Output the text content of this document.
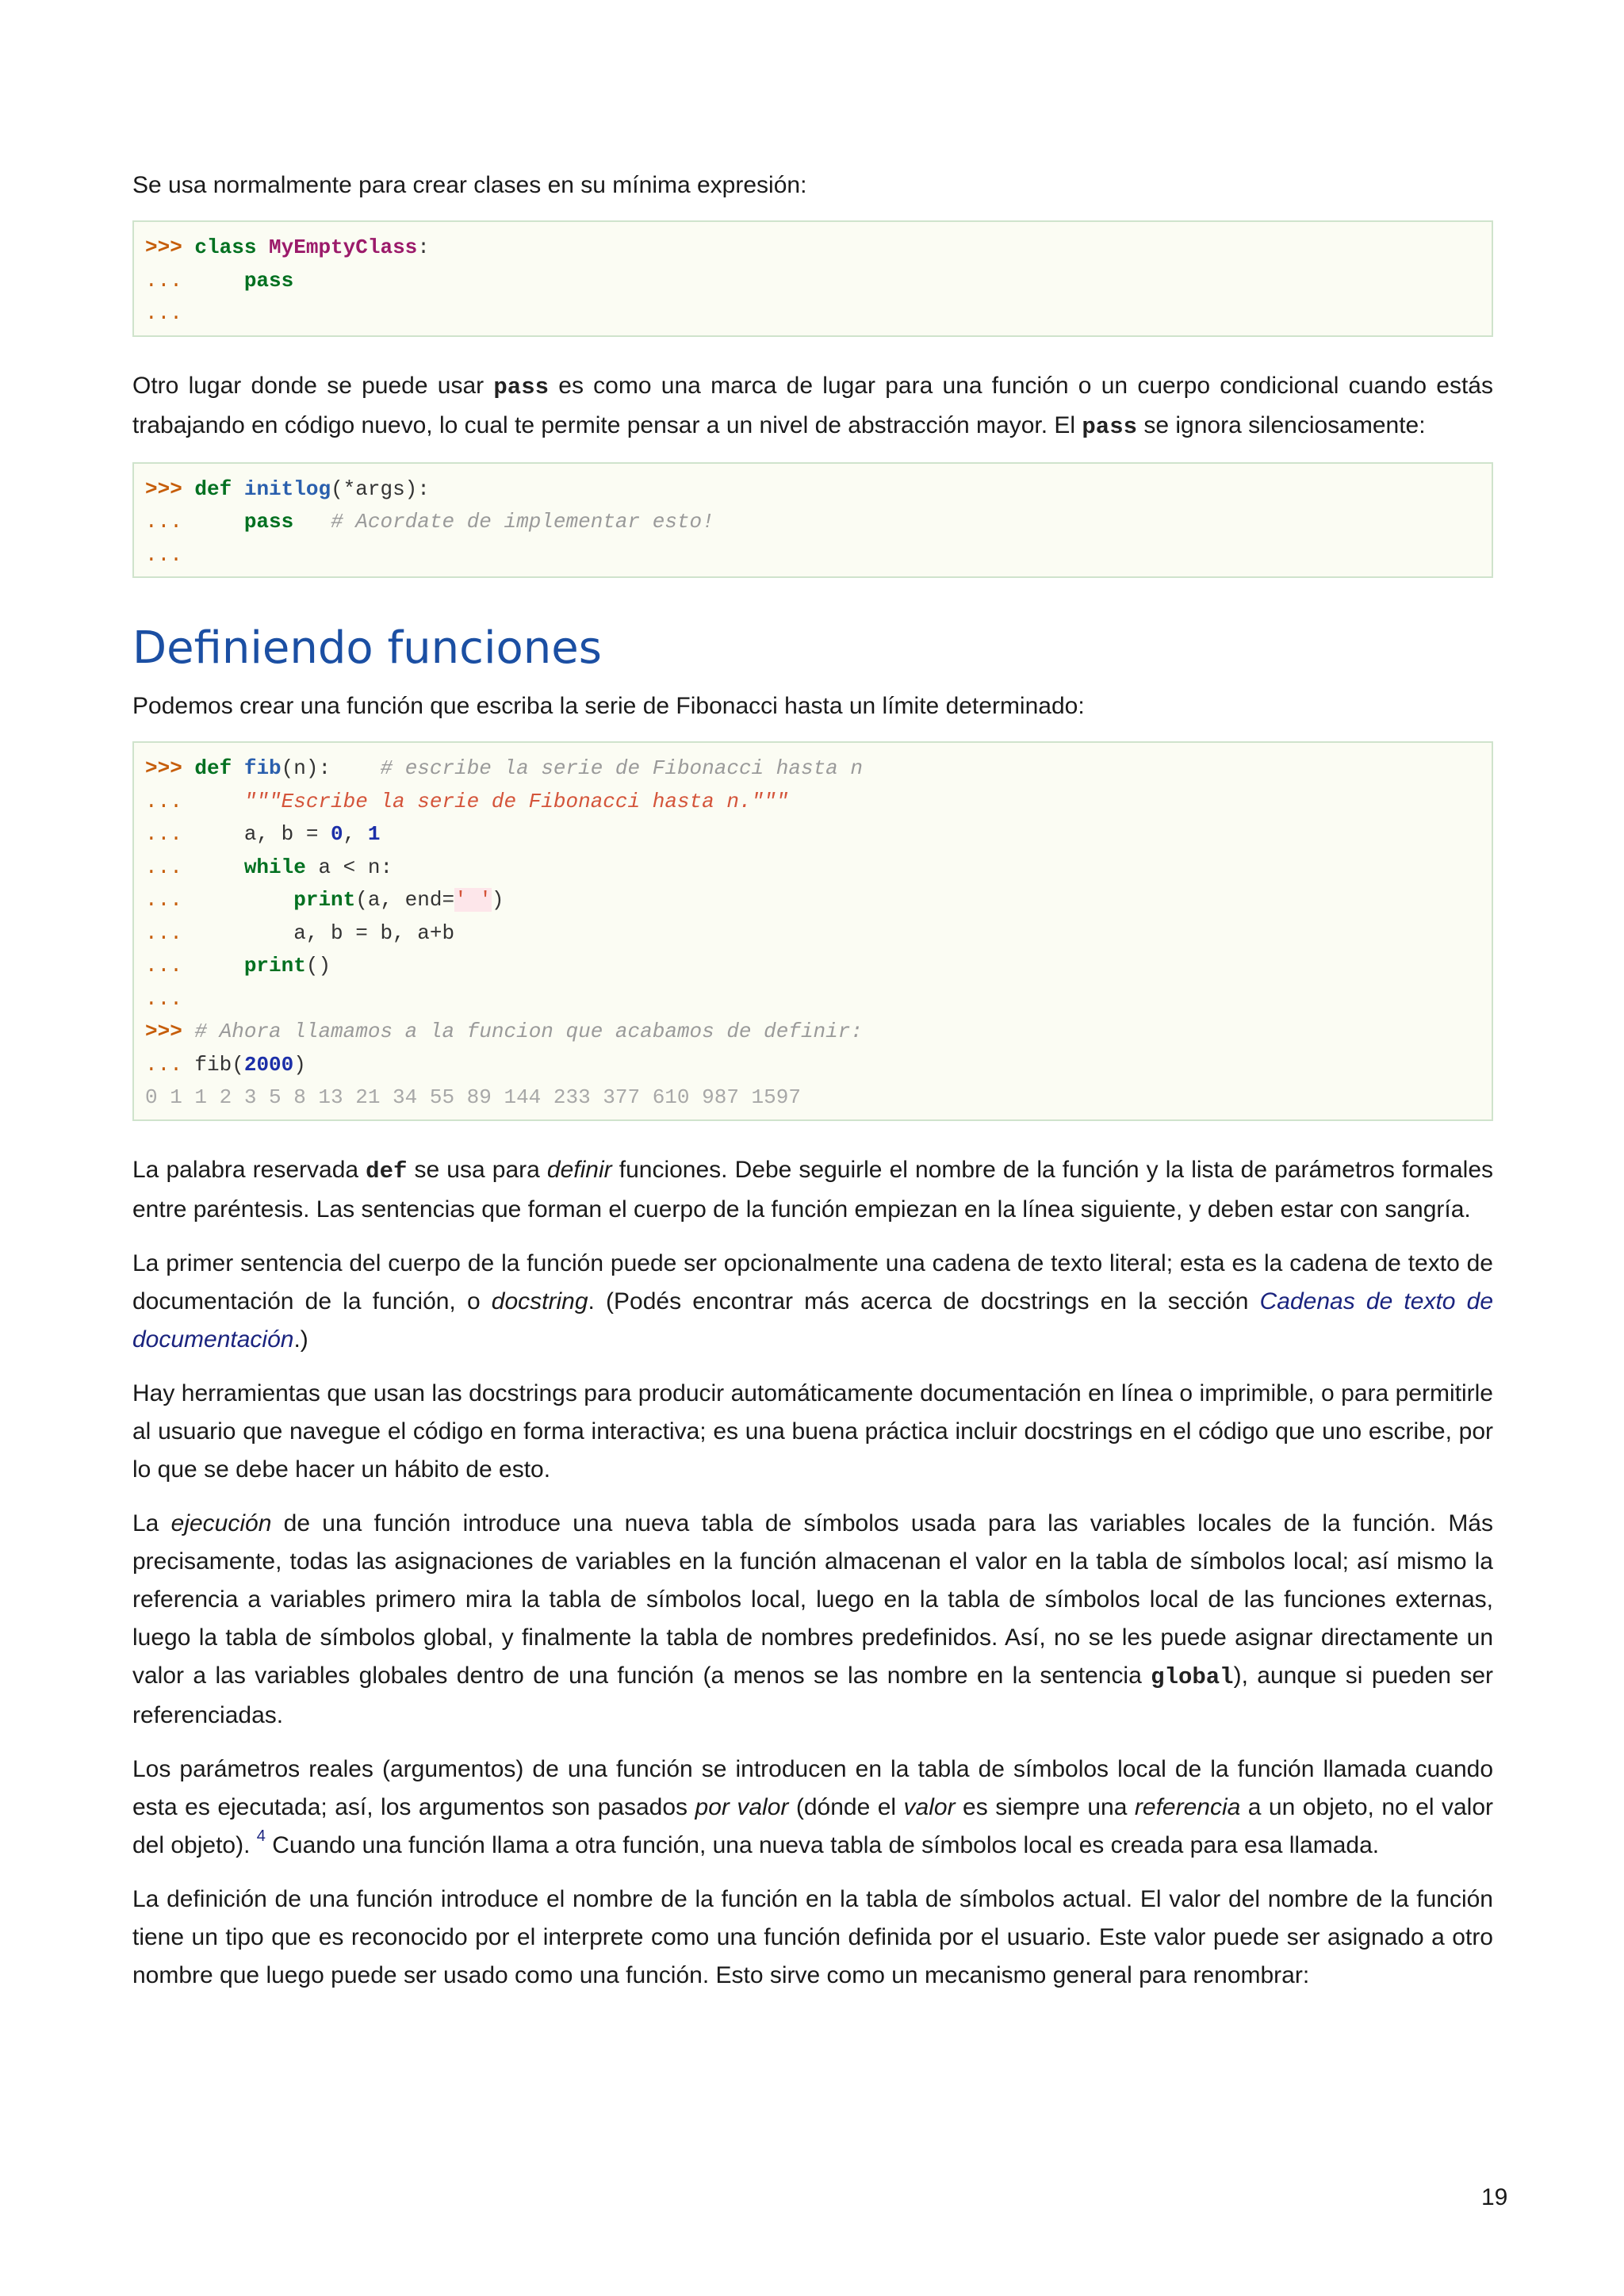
Se usa normalmente para crear clases en su mínima expresión:

>>> class MyEmptyClass:
...     pass
...

Otro lugar donde se puede usar pass es como una marca de lugar para una función o un cuerpo condicional cuando estás trabajando en código nuevo, lo cual te permite pensar a un nivel de abstracción mayor. El pass se ignora silenciosamente:

>>> def initlog(*args):
...     pass # Acordate de implementar esto!
...
Definiendo funciones

Podemos crear una función que escriba la serie de Fibonacci hasta un límite determinado:

>>> def fib(n):    # escribe la serie de Fibonacci hasta n
...     """Escribe la serie de Fibonacci hasta n."""
...     a, b = 0, 1
...     while a < n:
...         print(a, end=' ')
...         a, b = b, a+b
...     print()
...
>>> # Ahora llamamos a la funcion que acabamos de definir:
... fib(2000)
0 1 1 2 3 5 8 13 21 34 55 89 144 233 377 610 987 1597

La palabra reservada def se usa para definir funciones. Debe seguirle el nombre de la función y la lista de parámetros formales entre paréntesis. Las sentencias que forman el cuerpo de la función empiezan en la línea siguiente, y deben estar con sangría.

La primer sentencia del cuerpo de la función puede ser opcionalmente una cadena de texto literal; esta es la cadena de texto de documentación de la función, o docstring. (Podés encontrar más acerca de docstrings en la sección Cadenas de texto de documentación.)

Hay herramientas que usan las docstrings para producir automáticamente documentación en línea o imprimible, o para permitirle al usuario que navegue el código en forma interactiva; es una buena práctica incluir docstrings en el código que uno escribe, por lo que se debe hacer un hábito de esto.

La ejecución de una función introduce una nueva tabla de símbolos usada para las variables locales de la función. Más precisamente, todas las asignaciones de variables en la función almacenan el valor en la tabla de símbolos local; así mismo la referencia a variables primero mira la tabla de símbolos local, luego en la tabla de símbolos local de las funciones externas, luego la tabla de símbolos global, y finalmente la tabla de nombres predefinidos. Así, no se les puede asignar directamente un valor a las variables globales dentro de una función (a menos se las nombre en la sentencia global), aunque si pueden ser referenciadas.

Los parámetros reales (argumentos) de una función se introducen en la tabla de símbolos local de la función llamada cuando esta es ejecutada; así, los argumentos son pasados por valor (dónde el valor es siempre una referencia a un objeto, no el valor del objeto). $^4$ Cuando una función llama a otra función, una nueva tabla de símbolos local es creada para esa llamada.

La definición de una función introduce el nombre de la función en la tabla de símbolos actual. El valor del nombre de la función tiene un tipo que es reconocido por el interprete como una función definida por el usuario. Este valor puede ser asignado a otro nombre que luego puede ser usado como una función. Esto sirve como un mecanismo general para renombrar:

19
